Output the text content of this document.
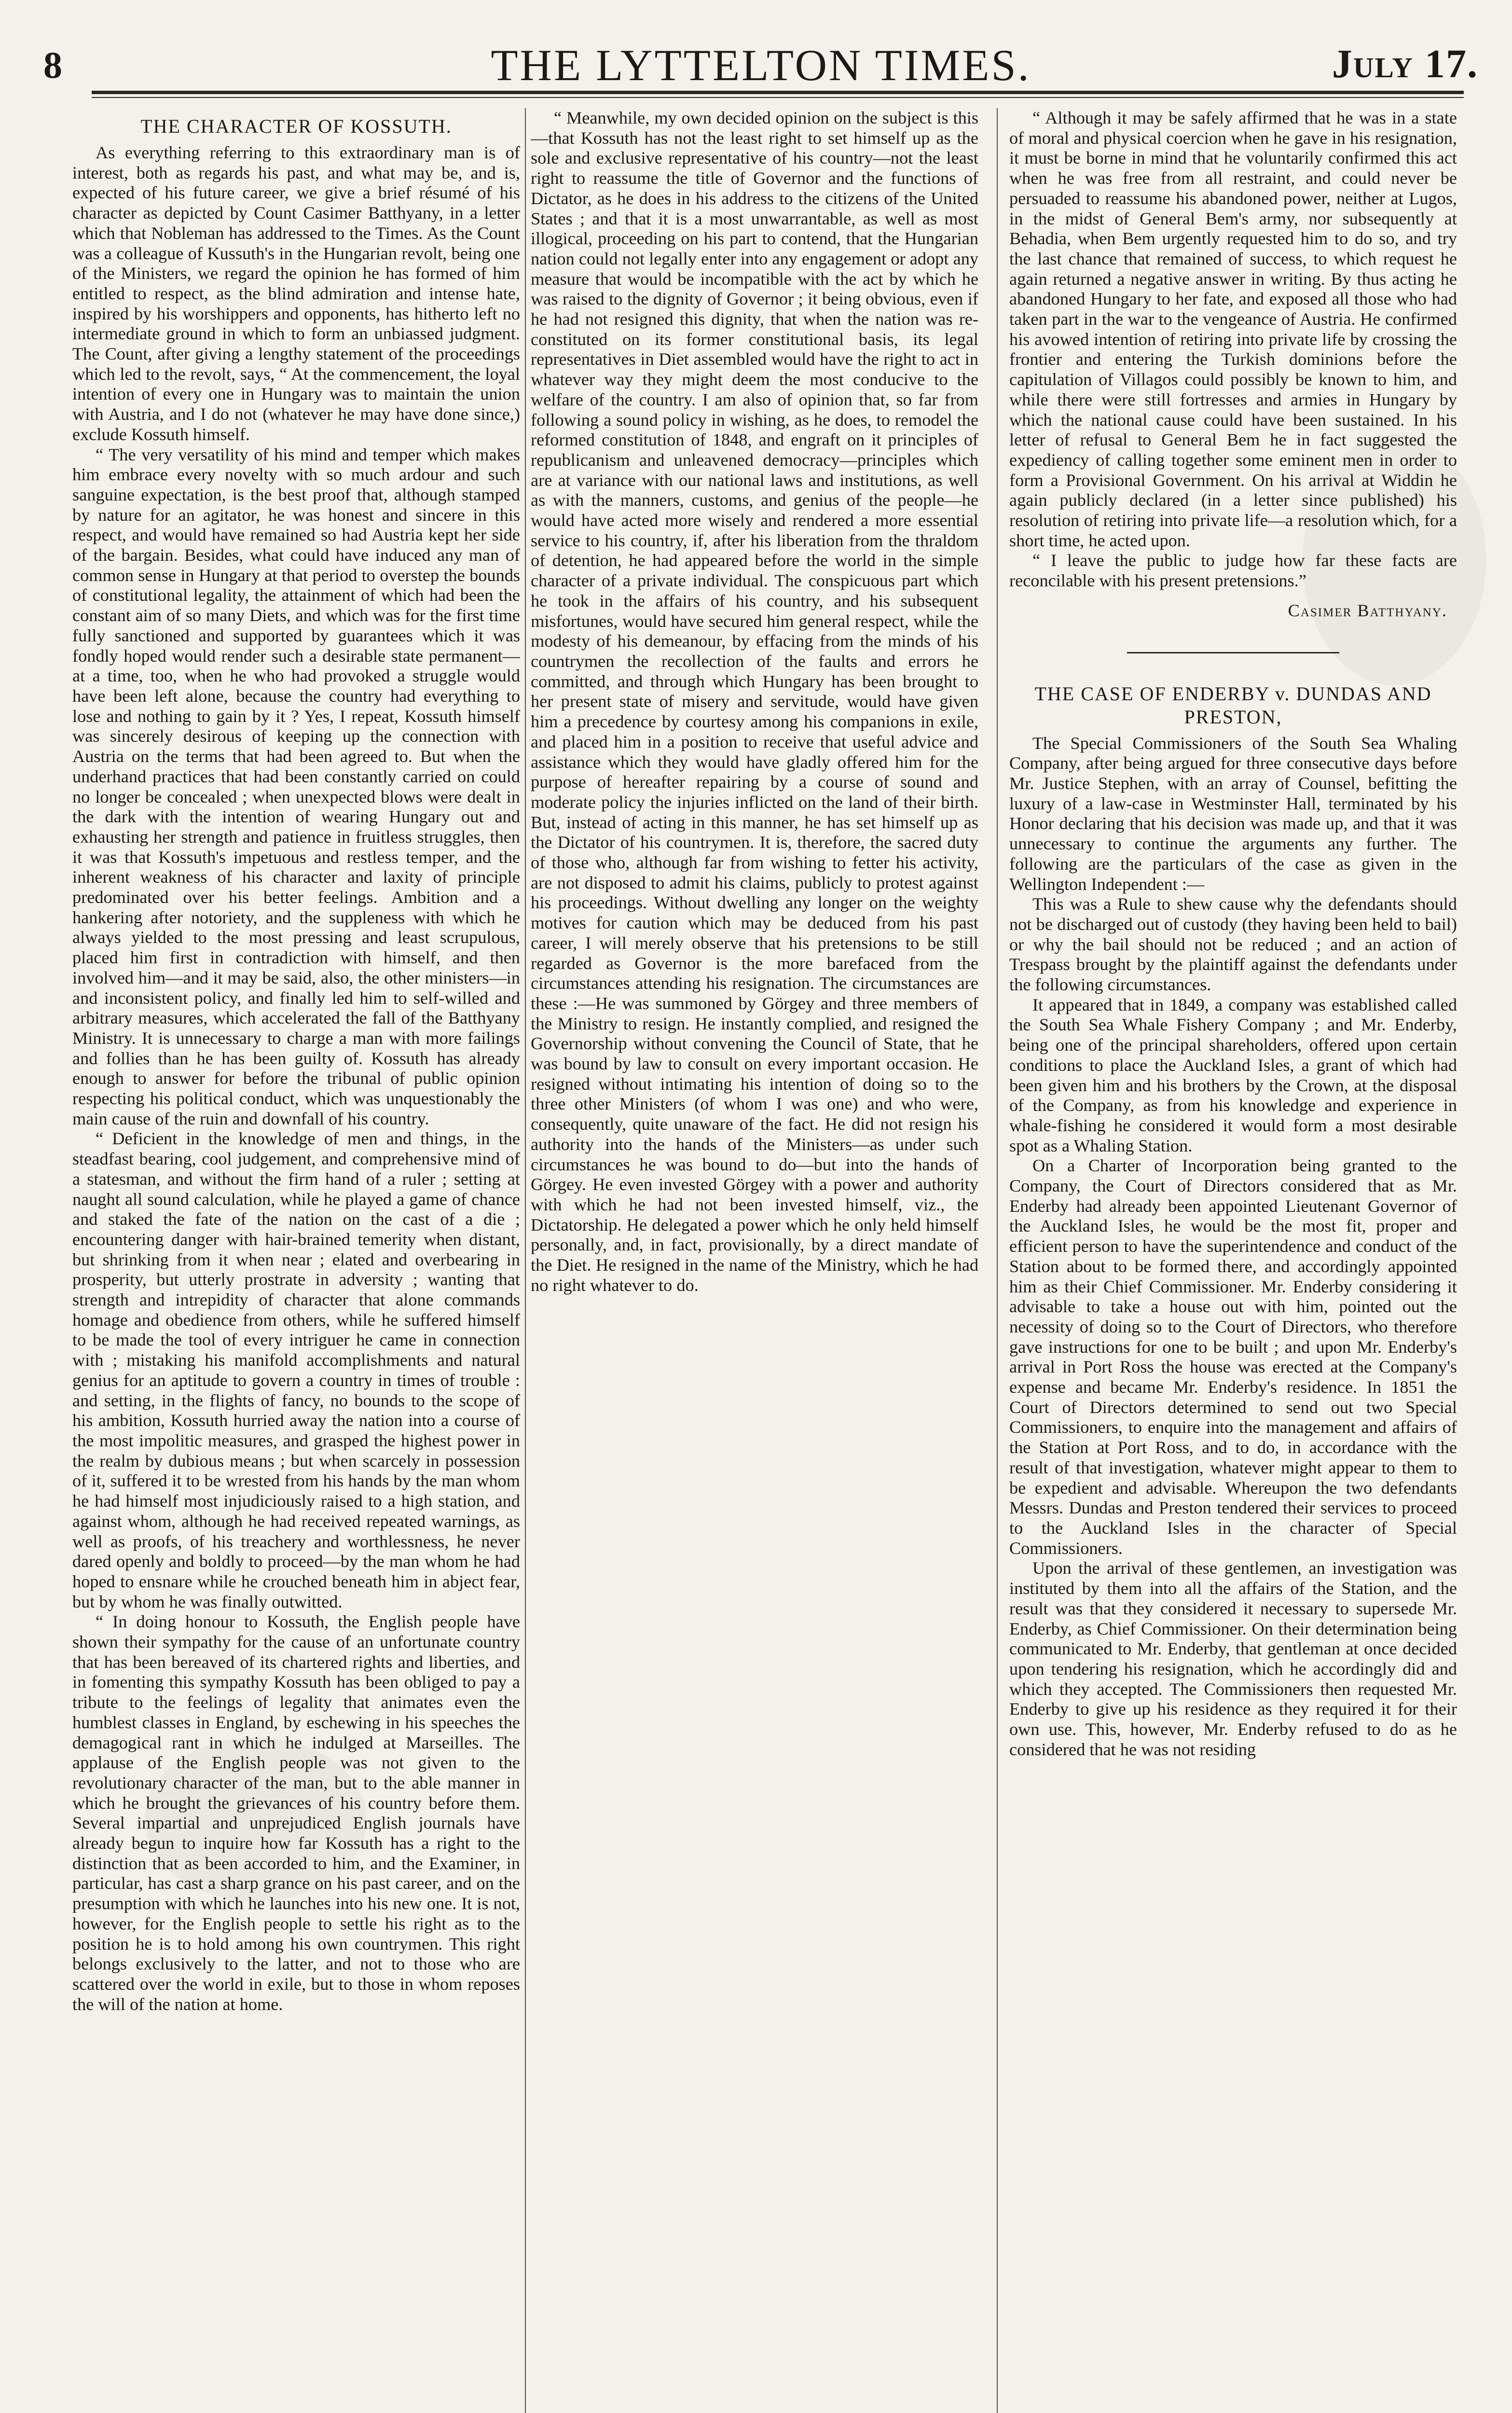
8	THE LYTTELTON TIMES.	July 17.
THE CHARACTER OF KOSSUTH.

As everything referring to this extraordinary man is of interest, both as regards his past, and what may be, and is, expected of his future career, we give a brief résumé of his character as depicted by Count Casimer Batthyany, in a letter which that Nobleman has addressed to the Times. As the Count was a colleague of Kussuth's in the Hungarian revolt, being one of the Ministers, we regard the opinion he has formed of him entitled to respect, as the blind admiration and intense hate, inspired by his worshippers and opponents, has hitherto left no intermediate ground in which to form an unbiassed judgment. The Count, after giving a lengthy statement of the proceedings which led to the revolt, says, “ At the commencement, the loyal intention of every one in Hungary was to maintain the union with Austria, and I do not (whatever he may have done since,) exclude Kossuth himself.

“ The very versatility of his mind and temper which makes him embrace every novelty with so much ardour and such sanguine expectation, is the best proof that, although stamped by nature for an agitator, he was honest and sincere in this respect, and would have remained so had Austria kept her side of the bargain. Besides, what could have induced any man of common sense in Hungary at that period to overstep the bounds of constitutional legality, the attainment of which had been the constant aim of so many Diets, and which was for the first time fully sanctioned and supported by guarantees which it was fondly hoped would render such a desirable state permanent—at a time, too, when he who had provoked a struggle would have been left alone, because the country had everything to lose and nothing to gain by it ? Yes, I repeat, Kossuth himself was sincerely desirous of keeping up the connection with Austria on the terms that had been agreed to. But when the underhand practices that had been constantly carried on could no longer be concealed ; when unexpected blows were dealt in the dark with the intention of wearing Hungary out and exhausting her strength and patience in fruitless struggles, then it was that Kossuth's impetuous and restless temper, and the inherent weakness of his character and laxity of principle predominated over his better feelings. Ambition and a hankering after notoriety, and the suppleness with which he always yielded to the most pressing and least scrupulous, placed him first in contradiction with himself, and then involved him—and it may be said, also, the other ministers—in and inconsistent policy, and finally led him to self-willed and arbitrary measures, which accelerated the fall of the Batthyany Ministry. It is unnecessary to charge a man with more failings and follies than he has been guilty of. Kossuth has already enough to answer for before the tribunal of public opinion respecting his political conduct, which was unquestionably the main cause of the ruin and downfall of his country.

“ Deficient in the knowledge of men and things, in the steadfast bearing, cool judgement, and comprehensive mind of a statesman, and without the firm hand of a ruler ; setting at naught all sound calculation, while he played a game of chance and staked the fate of the nation on the cast of a die ; encountering danger with hair-brained temerity when distant, but shrinking from it when near ; elated and overbearing in prosperity, but utterly prostrate in adversity ; wanting that strength and intrepidity of character that alone commands homage and obedience from others, while he suffered himself to be made the tool of every intriguer he came in connection with ; mistaking his manifold accomplishments and natural genius for an aptitude to govern a country in times of trouble : and setting, in the flights of fancy, no bounds to the scope of his ambition, Kossuth hurried away the nation into a course of the most impolitic measures, and grasped the highest power in the realm by dubious means ; but when scarcely in possession of it, suffered it to be wrested from his hands by the man whom he had himself most injudiciously raised to a high station, and against whom, although he had received repeated warnings, as well as proofs, of his treachery and worthlessness, he never dared openly and boldly to proceed—by the man whom he had hoped to ensnare while he crouched beneath him in abject fear, but by whom he was finally outwitted.

“ In doing honour to Kossuth, the English people have shown their sympathy for the cause of an unfortunate country that has been bereaved of its chartered rights and liberties, and in fomenting this sympathy Kossuth has been obliged to pay a tribute to the feelings of legality that animates even the humblest classes in England, by eschewing in his speeches the demagogical rant in which he indulged at Marseilles. The applause of the English people was not given to the revolutionary character of the man, but to the able manner in which he brought the grievances of his country before them. Several impartial and unprejudiced English journals have already begun to inquire how far Kossuth has a right to the distinction that as been accorded to him, and the Examiner, in particular, has cast a sharp grance on his past career, and on the presumption with which he launches into his new one. It is not, however, for the English people to settle his right as to the position he is to hold among his own countrymen. This right belongs exclusively to the latter, and not to those who are scattered over the world in exile, but to those in whom reposes the will of the nation at home.

“ Meanwhile, my own decided opinion on the subject is this—that Kossuth has not the least right to set himself up as the sole and exclusive representative of his country—not the least right to reassume the title of Governor and the functions of Dictator, as he does in his address to the citizens of the United States ; and that it is a most unwarrantable, as well as most illogical, proceeding on his part to contend, that the Hungarian nation could not legally enter into any engagement or adopt any measure that would be incompatible with the act by which he was raised to the dignity of Governor ; it being obvious, even if he had not resigned this dignity, that when the nation was re-constituted on its former constitutional basis, its legal representatives in Diet assembled would have the right to act in whatever way they might deem the most conducive to the welfare of the country. I am also of opinion that, so far from following a sound policy in wishing, as he does, to remodel the reformed constitution of 1848, and engraft on it principles of republicanism and unleavened democracy—principles which are at variance with our national laws and institutions, as well as with the manners, customs, and genius of the people—he would have acted more wisely and rendered a more essential service to his country, if, after his liberation from the thraldom of detention, he had appeared before the world in the simple character of a private individual. The conspicuous part which he took in the affairs of his country, and his subsequent misfortunes, would have secured him general respect, while the modesty of his demeanour, by effacing from the minds of his countrymen the recollection of the faults and errors he committed, and through which Hungary has been brought to her present state of misery and servitude, would have given him a precedence by courtesy among his companions in exile, and placed him in a position to receive that useful advice and assistance which they would have gladly offered him for the purpose of hereafter repairing by a course of sound and moderate policy the injuries inflicted on the land of their birth. But, instead of acting in this manner, he has set himself up as the Dictator of his countrymen. It is, therefore, the sacred duty of those who, although far from wishing to fetter his activity, are not disposed to admit his claims, publicly to protest against his proceedings. Without dwelling any longer on the weighty motives for caution which may be deduced from his past career, I will merely observe that his pretensions to be still regarded as Governor is the more barefaced from the circumstances attending his resignation. The circumstances are these :—He was summoned by Görgey and three members of the Ministry to resign. He instantly complied, and resigned the Governorship without convening the Council of State, that he was bound by law to consult on every important occasion. He resigned without intimating his intention of doing so to the three other Ministers (of whom I was one) and who were, consequently, quite unaware of the fact. He did not resign his authority into the hands of the Ministers—as under such circumstances he was bound to do—but into the hands of Görgey. He even invested Görgey with a power and authority with which he had not been invested himself, viz., the Dictatorship. He delegated a power which he only held himself personally, and, in fact, provisionally, by a direct mandate of the Diet. He resigned in the name of the Ministry, which he had no right whatever to do.

“ Although it may be safely affirmed that he was in a state of moral and physical coercion when he gave in his resignation, it must be borne in mind that he voluntarily confirmed this act when he was free from all restraint, and could never be persuaded to reassume his abandoned power, neither at Lugos, in the midst of General Bem's army, nor subsequently at Behadia, when Bem urgently requested him to do so, and try the last chance that remained of success, to which request he again returned a negative answer in writing. By thus acting he abandoned Hungary to her fate, and exposed all those who had taken part in the war to the vengeance of Austria. He confirmed his avowed intention of retiring into private life by crossing the frontier and entering the Turkish dominions before the capitulation of Villagos could possibly be known to him, and while there were still fortresses and armies in Hungary by which the national cause could have been sustained. In his letter of refusal to General Bem he in fact suggested the expediency of calling together some eminent men in order to form a Provisional Government. On his arrival at Widdin he again publicly declared (in a letter since published) his resolution of retiring into private life—a resolution which, for a short time, he acted upon.

“ I leave the public to judge how far these facts are reconcilable with his present pretensions.”

Casimer Batthyany.
THE CASE OF ENDERBY v. DUNDAS AND PRESTON,

The Special Commissioners of the South Sea Whaling Company, after being argued for three consecutive days before Mr. Justice Stephen, with an array of Counsel, befitting the luxury of a law-case in Westminster Hall, terminated by his Honor declaring that his decision was made up, and that it was unnecessary to continue the arguments any further. The following are the particulars of the case as given in the Wellington Independent :—

This was a Rule to shew cause why the defendants should not be discharged out of custody (they having been held to bail) or why the bail should not be reduced ; and an action of Trespass brought by the plaintiff against the defendants under the following circumstances.

It appeared that in 1849, a company was established called the South Sea Whale Fishery Company ; and Mr. Enderby, being one of the principal shareholders, offered upon certain conditions to place the Auckland Isles, a grant of which had been given him and his brothers by the Crown, at the disposal of the Company, as from his knowledge and experience in whale-fishing he considered it would form a most desirable spot as a Whaling Station.

On a Charter of Incorporation being granted to the Company, the Court of Directors considered that as Mr. Enderby had already been appointed Lieutenant Governor of the Auckland Isles, he would be the most fit, proper and efficient person to have the superintendence and conduct of the Station about to be formed there, and accordingly appointed him as their Chief Commissioner. Mr. Enderby considering it advisable to take a house out with him, pointed out the necessity of doing so to the Court of Directors, who therefore gave instructions for one to be built ; and upon Mr. Enderby's arrival in Port Ross the house was erected at the Company's expense and became Mr. Enderby's residence. In 1851 the Court of Directors determined to send out two Special Commissioners, to enquire into the management and affairs of the Station at Port Ross, and to do, in accordance with the result of that investigation, whatever might appear to them to be expedient and advisable. Whereupon the two defendants Messrs. Dundas and Preston tendered their services to proceed to the Auckland Isles in the character of Special Commissioners.

Upon the arrival of these gentlemen, an investigation was instituted by them into all the affairs of the Station, and the result was that they considered it necessary to supersede Mr. Enderby, as Chief Commissioner. On their determination being communicated to Mr. Enderby, that gentleman at once decided upon tendering his resignation, which he accordingly did and which they accepted. The Commissioners then requested Mr. Enderby to give up his residence as they required it for their own use. This, however, Mr. Enderby refused to do as he considered that he was not residing
